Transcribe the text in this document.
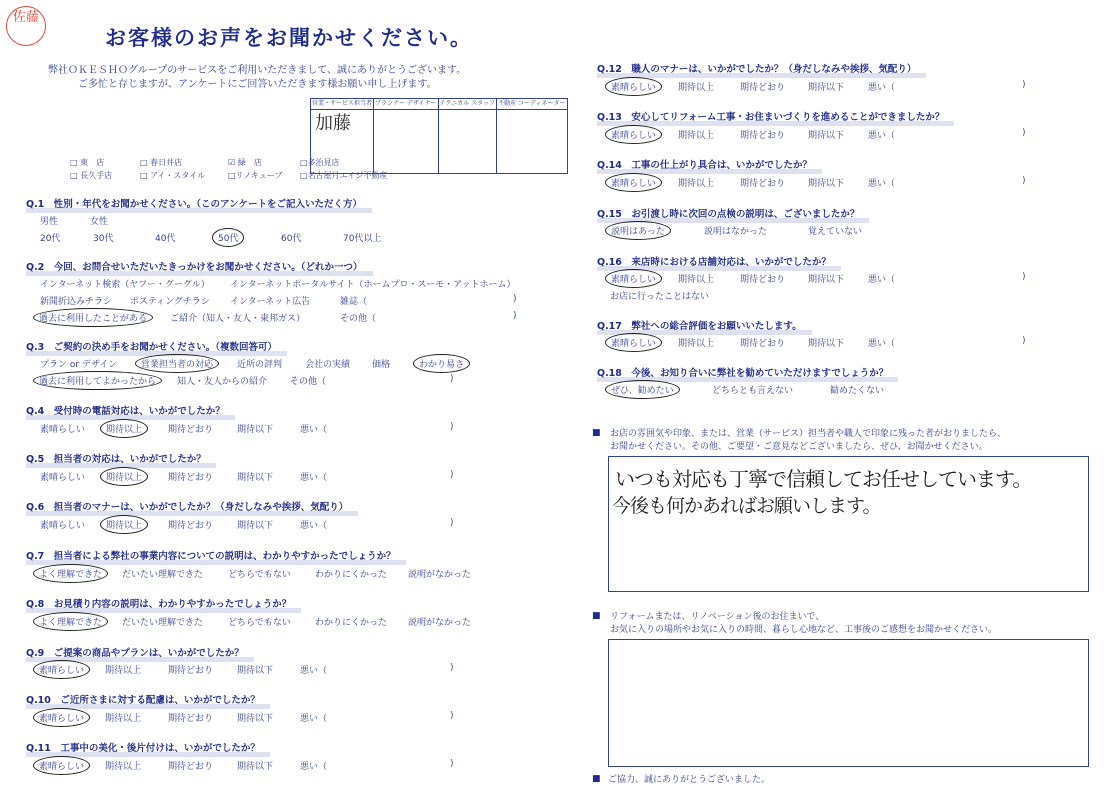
佐藤
お客様のお声をお聞かせください。
弊社ＯＫＥＳＨＯグループのサービスをご利用いただきまして、誠にありがとうございます。
ご多忙と存じますが、アンケートにご回答いただきます様お願い申し上げます。
営業・サービス担当者	プランナー デザイナー	テクニカル スタッフ	不動産 コーディネーター
加藤			
□ 東　店	□ 春日井店	☑ 緑　店	□多治見店
□ 長久手店	□ アイ・スタイル	□リノキューブ □名古屋月エイジ不動産
Q.1　性別・年代をお聞かせください。（このアンケートをご記入いただく方）
男性	女性
20代	30代	40代	50代	60代	70代以上
Q.2　今回、お問合せいただいたきっかけをお聞かせください。（どれか一つ）
インターネット検索（ヤフー・グーグル） インターネットポータルサイト（ホームプロ・スーモ・アットホーム）
新聞折込みチラシ ポスティングチラシ インターネット広告	雑誌（	)
過去に利用したことがある	ご紹介（知人・友人・東邦ガス）	その他（	)
Q.3　ご契約の決め手をお聞かせください。（複数回答可）
プラン or デザイン	営業担当者の対応	近所の評判	会社の実績 価格	わかり易さ
過去に利用してよかったから	知人・友人からの紹介	その他（	)
Q.4　受付時の電話対応は、いかがでしたか？
素晴らしい	期待以上	期待どおり	期待以下	悪い（	)
Q.5　担当者の対応は、いかがでしたか？
素晴らしい	期待以上	期待どおり	期待以下	悪い（	)
Q.6　担当者のマナーは、いかがでしたか？（身だしなみや挨拶、気配り）
素晴らしい	期待以上	期待どおり	期待以下	悪い（	)
Q.7　担当者による弊社の事業内容についての説明は、わかりやすかったでしょうか？
よく理解できた	だいたい理解できた	どちらでもない	わかりにくかった 説明がなかった
Q.8　お見積り内容の説明は、わかりやすかったでしょうか？
よく理解できた	だいたい理解できた	どちらでもない	わかりにくかった 説明がなかった
Q.9　ご提案の商品やプランは、いかがでしたか？
素晴らしい	期待以上	期待どおり	期待以下	悪い（	)
Q.10　ご近所さまに対する配慮は、いかがでしたか？
素晴らしい	期待以上	期待どおり	期待以下	悪い（	)
Q.11　工事中の美化・後片付けは、いかがでしたか？
素晴らしい	期待以上	期待どおり	期待以下	悪い（	)
Q.12　職人のマナーは、いかがでしたか？（身だしなみや挨拶、気配り）
素晴らしい	期待以上	期待どおり	期待以下	悪い（	)
Q.13　安心してリフォーム工事・お住まいづくりを進めることができましたか？
素晴らしい	期待以上	期待どおり	期待以下	悪い（	)
Q.14　工事の仕上がり具合は、いかがでしたか？
素晴らしい	期待以上	期待どおり	期待以下	悪い（	)
Q.15　お引渡し時に次回の点検の説明は、ございましたか？
説明はあった	説明はなかった	覚えていない
Q.16　来店時における店舗対応は、いかがでしたか？
素晴らしい	期待以上	期待どおり	期待以下	悪い（	)
お店に行ったことはない
Q.17　弊社への総合評価をお願いいたします。
素晴らしい	期待以上	期待どおり	期待以下	悪い（	)
Q.18　今後、お知り合いに弊社を勧めていただけますでしょうか？
ぜひ、勧めたい	どちらとも言えない	勧めたくない
■ お店の雰囲気や印象、または、営業（サービス）担当者や職人で印象に残った者がおりましたら、
お聞かせください。その他、ご要望・ご意見などございましたら、ぜひ、お聞かせください。
いつも対応も丁寧で信頼してお任せしています。
今後も何かあればお願いします。
■ リフォームまたは、リノベーション後のお住まいで、
お気に入りの場所やお気に入りの時間、暮らし心地など、工事後のご感想をお聞かせください。
■ ご協力、誠にありがとうございました。
